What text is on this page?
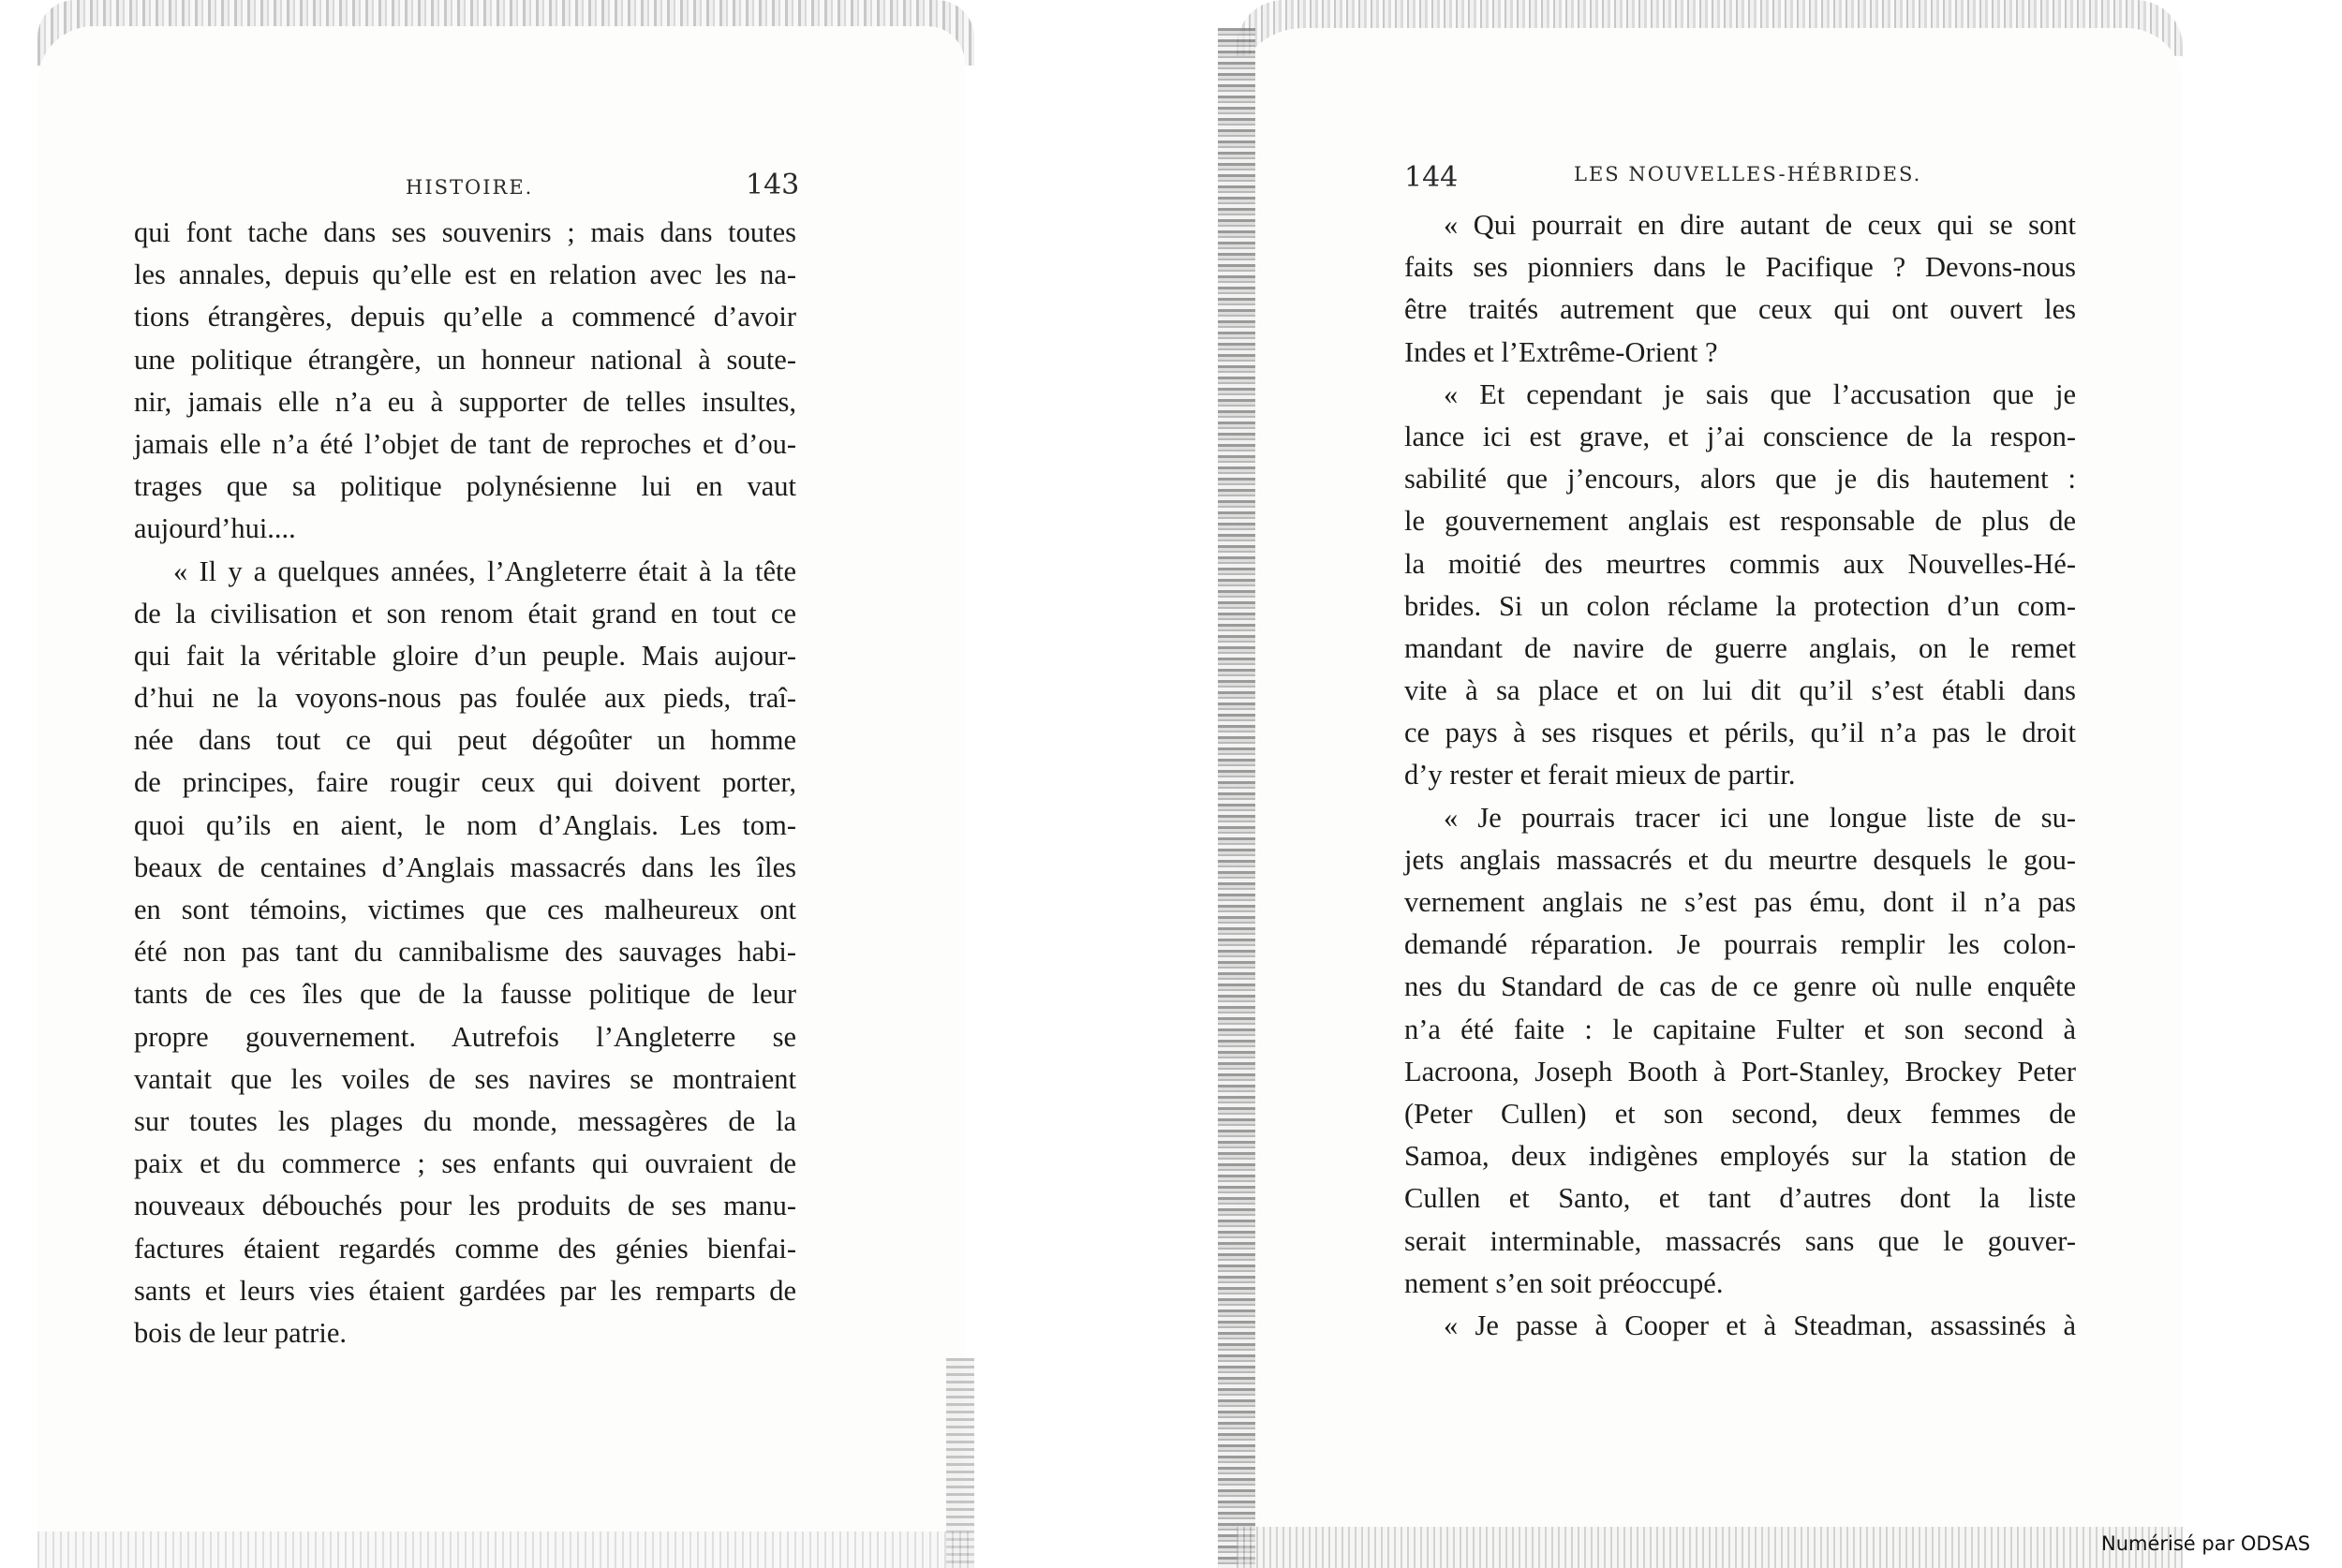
HISTOIRE.	143	144	LES NOUVELLES-HÉBRIDES.
qui font tache dans ses souvenirs ; mais dans toutes
les annales, depuis qu’elle est en relation avec les na-
tions étrangères, depuis qu’elle a commencé d’avoir
une politique étrangère, un honneur national à soute-
nir, jamais elle n’a eu à supporter de telles insultes,
jamais elle n’a été l’objet de tant de reproches et d’ou-
trages que sa politique polynésienne lui en vaut
aujourd’hui....
« Il y a quelques années, l’Angleterre était à la tête
de la civilisation et son renom était grand en tout ce
qui fait la véritable gloire d’un peuple. Mais aujour-
d’hui ne la voyons-nous pas foulée aux pieds, traî-
née dans tout ce qui peut dégoûter un homme
de principes, faire rougir ceux qui doivent porter,
quoi qu’ils en aient, le nom d’Anglais. Les tom-
beaux de centaines d’Anglais massacrés dans les îles
en sont témoins, victimes que ces malheureux ont
été non pas tant du cannibalisme des sauvages habi-
tants de ces îles que de la fausse politique de leur
propre gouvernement. Autrefois l’Angleterre se
vantait que les voiles de ses navires se montraient
sur toutes les plages du monde, messagères de la
paix et du commerce ; ses enfants qui ouvraient de
nouveaux débouchés pour les produits de ses manu-
factures étaient regardés comme des génies bienfai-
sants et leurs vies étaient gardées par les remparts de
bois de leur patrie.
« Qui pourrait en dire autant de ceux qui se sont
faits ses pionniers dans le Pacifique ? Devons-nous
être traités autrement que ceux qui ont ouvert les
Indes et l’Extrême-Orient ?
« Et cependant je sais que l’accusation que je
lance ici est grave, et j’ai conscience de la respon-
sabilité que j’encours, alors que je dis hautement :
le gouvernement anglais est responsable de plus de
la moitié des meurtres commis aux Nouvelles-Hé-
brides. Si un colon réclame la protection d’un com-
mandant de navire de guerre anglais, on le remet
vite à sa place et on lui dit qu’il s’est établi dans
ce pays à ses risques et périls, qu’il n’a pas le droit
d’y rester et ferait mieux de partir.
« Je pourrais tracer ici une longue liste de su-
jets anglais massacrés et du meurtre desquels le gou-
vernement anglais ne s’est pas ému, dont il n’a pas
demandé réparation. Je pourrais remplir les colon-
nes du Standard de cas de ce genre où nulle enquête
n’a été faite : le capitaine Fulter et son second à
Lacroona, Joseph Booth à Port-Stanley, Brockey Peter
(Peter Cullen) et son second, deux femmes de
Samoa, deux indigènes employés sur la station de
Cullen et Santo, et tant d’autres dont la liste
serait interminable, massacrés sans que le gouver-
nement s’en soit préoccupé.
« Je passe à Cooper et à Steadman, assassinés à
Numérisé par ODSAS
